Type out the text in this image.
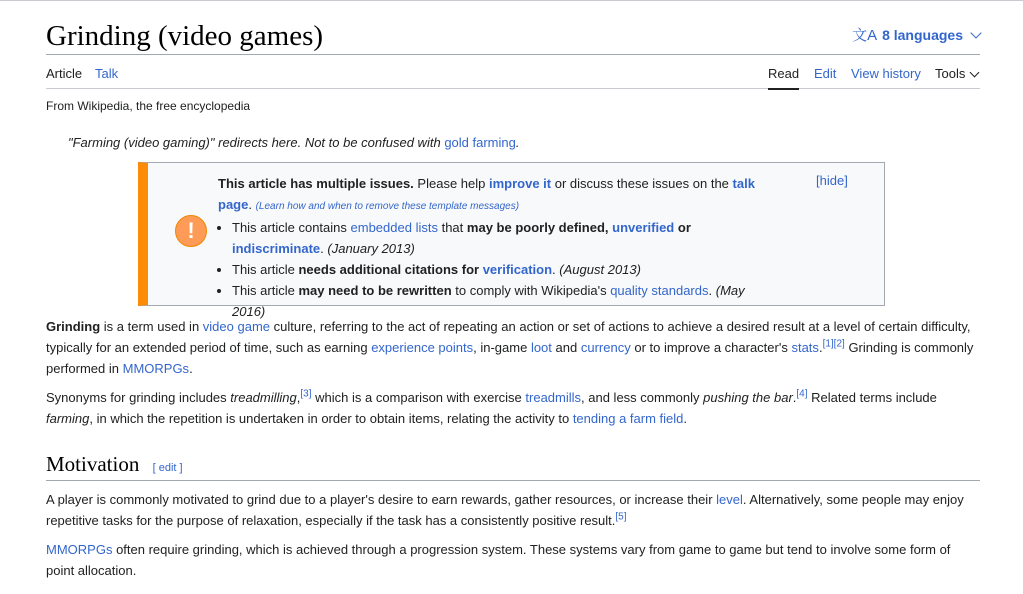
Grinding (video games)	文A 8 languages
Article Talk	Read Edit View history Tools
From Wikipedia, the free encyclopedia
"Farming (video gaming)" redirects here. Not to be confused with gold farming.
!
[hide]
This article has multiple issues. Please help improve it or discuss these issues on the talk page. (Learn how and when to remove these template messages)
• This article contains embedded lists that may be poorly defined, unverified or indiscriminate. (January 2013)
• This article needs additional citations for verification. (August 2013)
• This article may need to be rewritten to comply with Wikipedia's quality standards. (May 2016)
Grinding is a term used in video game culture, referring to the act of repeating an action or set of actions to achieve a desired result at a level of certain difficulty, typically for an extended period of time, such as earning experience points, in-game loot and currency or to improve a character's stats.[1][2] Grinding is commonly performed in MMORPGs.
Synonyms for grinding includes treadmilling,[3] which is a comparison with exercise treadmills, and less commonly pushing the bar.[4] Related terms include farming, in which the repetition is undertaken in order to obtain items, relating the activity to tending a farm field.
Motivation [ edit ]
A player is commonly motivated to grind due to a player's desire to earn rewards, gather resources, or increase their level. Alternatively, some people may enjoy repetitive tasks for the purpose of relaxation, especially if the task has a consistently positive result.[5]
MMORPGs often require grinding, which is achieved through a progression system. These systems vary from game to game but tend to involve some form of point allocation.
